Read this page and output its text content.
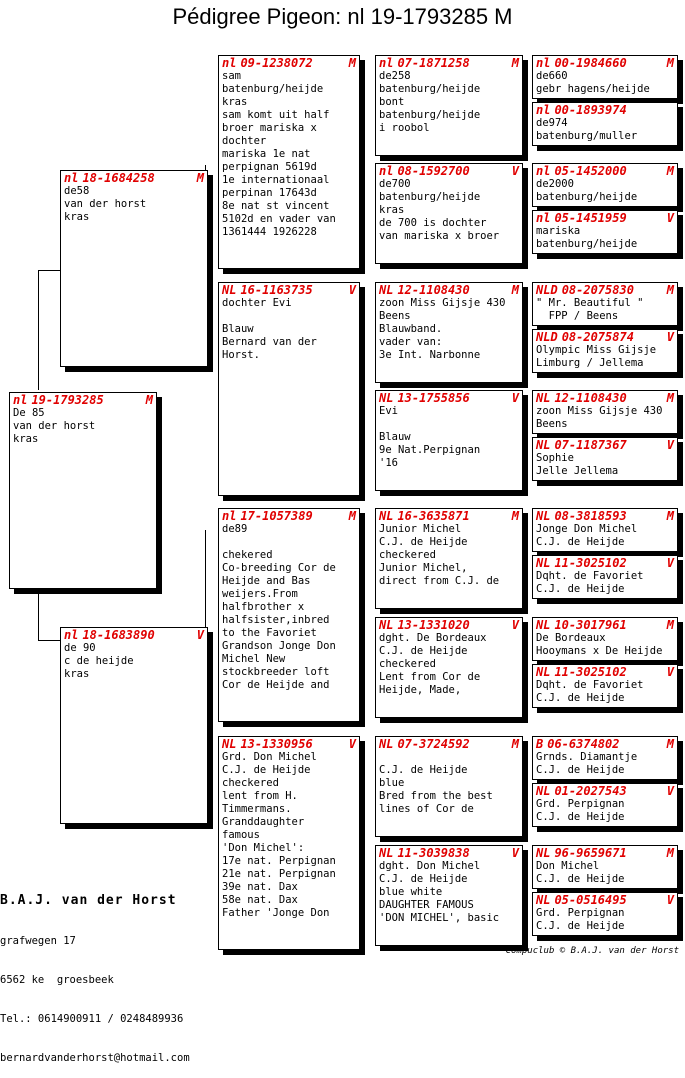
Pédigree Pigeon: nl 19-1793285 M
nl 19-1793285	M
De 85
van der horst
kras
nl 18-1684258	M
de58
van der horst
kras
nl 18-1683890	V
de 90
c de heijde
kras
nl 09-1238072	M
sam
batenburg/heijde
kras
sam komt uit half
broer mariska x
dochter
mariska 1e nat
perpignan 5619d
1e internationaal
perpinan 17643d
8e nat st vincent
5102d en vader van
1361444 1926228
NL 16-1163735	V
dochter Evi

Blauw
Bernard van der
Horst.
nl 17-1057389	M
de89

chekered
Co-breeding Cor de
Heijde and Bas
weijers.From
halfbrother x
halfsister,inbred
to the Favoriet
Grandson Jonge Don
Michel New
stockbreeder loft
Cor de Heijde and
NL 13-1330956	V
Grd. Don Michel
C.J. de Heijde
checkered
lent from H.
Timmermans.
Granddaughter
famous
'Don Michel':
17e nat. Perpignan
21e nat. Perpignan
39e nat. Dax
58e nat. Dax
Father 'Jonge Don
nl 07-1871258	M
de258
batenburg/heijde
bont
batenburg/heijde
i roobol
nl 08-1592700	V
de700
batenburg/heijde
kras
de 700 is dochter
van mariska x broer
NL 12-1108430	M
zoon Miss Gijsje 430
Beens
Blauwband.
vader van:
3e Int. Narbonne
NL 13-1755856	V
Evi

Blauw
9e Nat.Perpignan
'16
NL 16-3635871	M
Junior Michel
C.J. de Heijde
checkered
Junior Michel,
direct from C.J. de
NL 13-1331020	V
dght. De Bordeaux
C.J. de Heijde
checkered
Lent from Cor de
Heijde, Made,
NL 07-3724592	M

C.J. de Heijde
blue
Bred from the best
lines of Cor de
NL 11-3039838	V
dght. Don Michel
C.J. de Heijde
blue white
DAUGHTER FAMOUS
'DON MICHEL', basic
nl 00-1984660	M
de660
gebr hagens/heijde
nl 00-1893974
de974
batenburg/muller
nl 05-1452000	M
de2000
batenburg/heijde
nl 05-1451959	V
mariska
batenburg/heijde
NLD 08-2075830	M
" Mr. Beautiful "
FPP / Beens
NLD 08-2075874	V
Olympic Miss Gijsje
Limburg / Jellema
NL 12-1108430	M
zoon Miss Gijsje 430
Beens
NL 07-1187367	V
Sophie
Jelle Jellema
NL 08-3818593	M
Jonge Don Michel
C.J. de Heijde
NL 11-3025102	V
Dqht. de Favoriet
C.J. de Heijde
NL 10-3017961	M
De Bordeaux
Hooymans x De Heijde
NL 11-3025102	V
Dqht. de Favoriet
C.J. de Heijde
B 06-6374802	M
Grnds. Diamantje
C.J. de Heijde
NL 01-2027543	V
Grd. Perpignan
C.J. de Heijde
NL 96-9659671	M
Don Michel
C.J. de Heijde
NL 05-0516495	V
Grd. Perpignan
C.J. de Heijde

B.A.J. van der Horst

grafwegen 17

6562 ke  groesbeek

Tel.: 0614900911 / 0248489936

bernardvanderhorst@hotmail.com

Compuclub © B.A.J. van der Horst
